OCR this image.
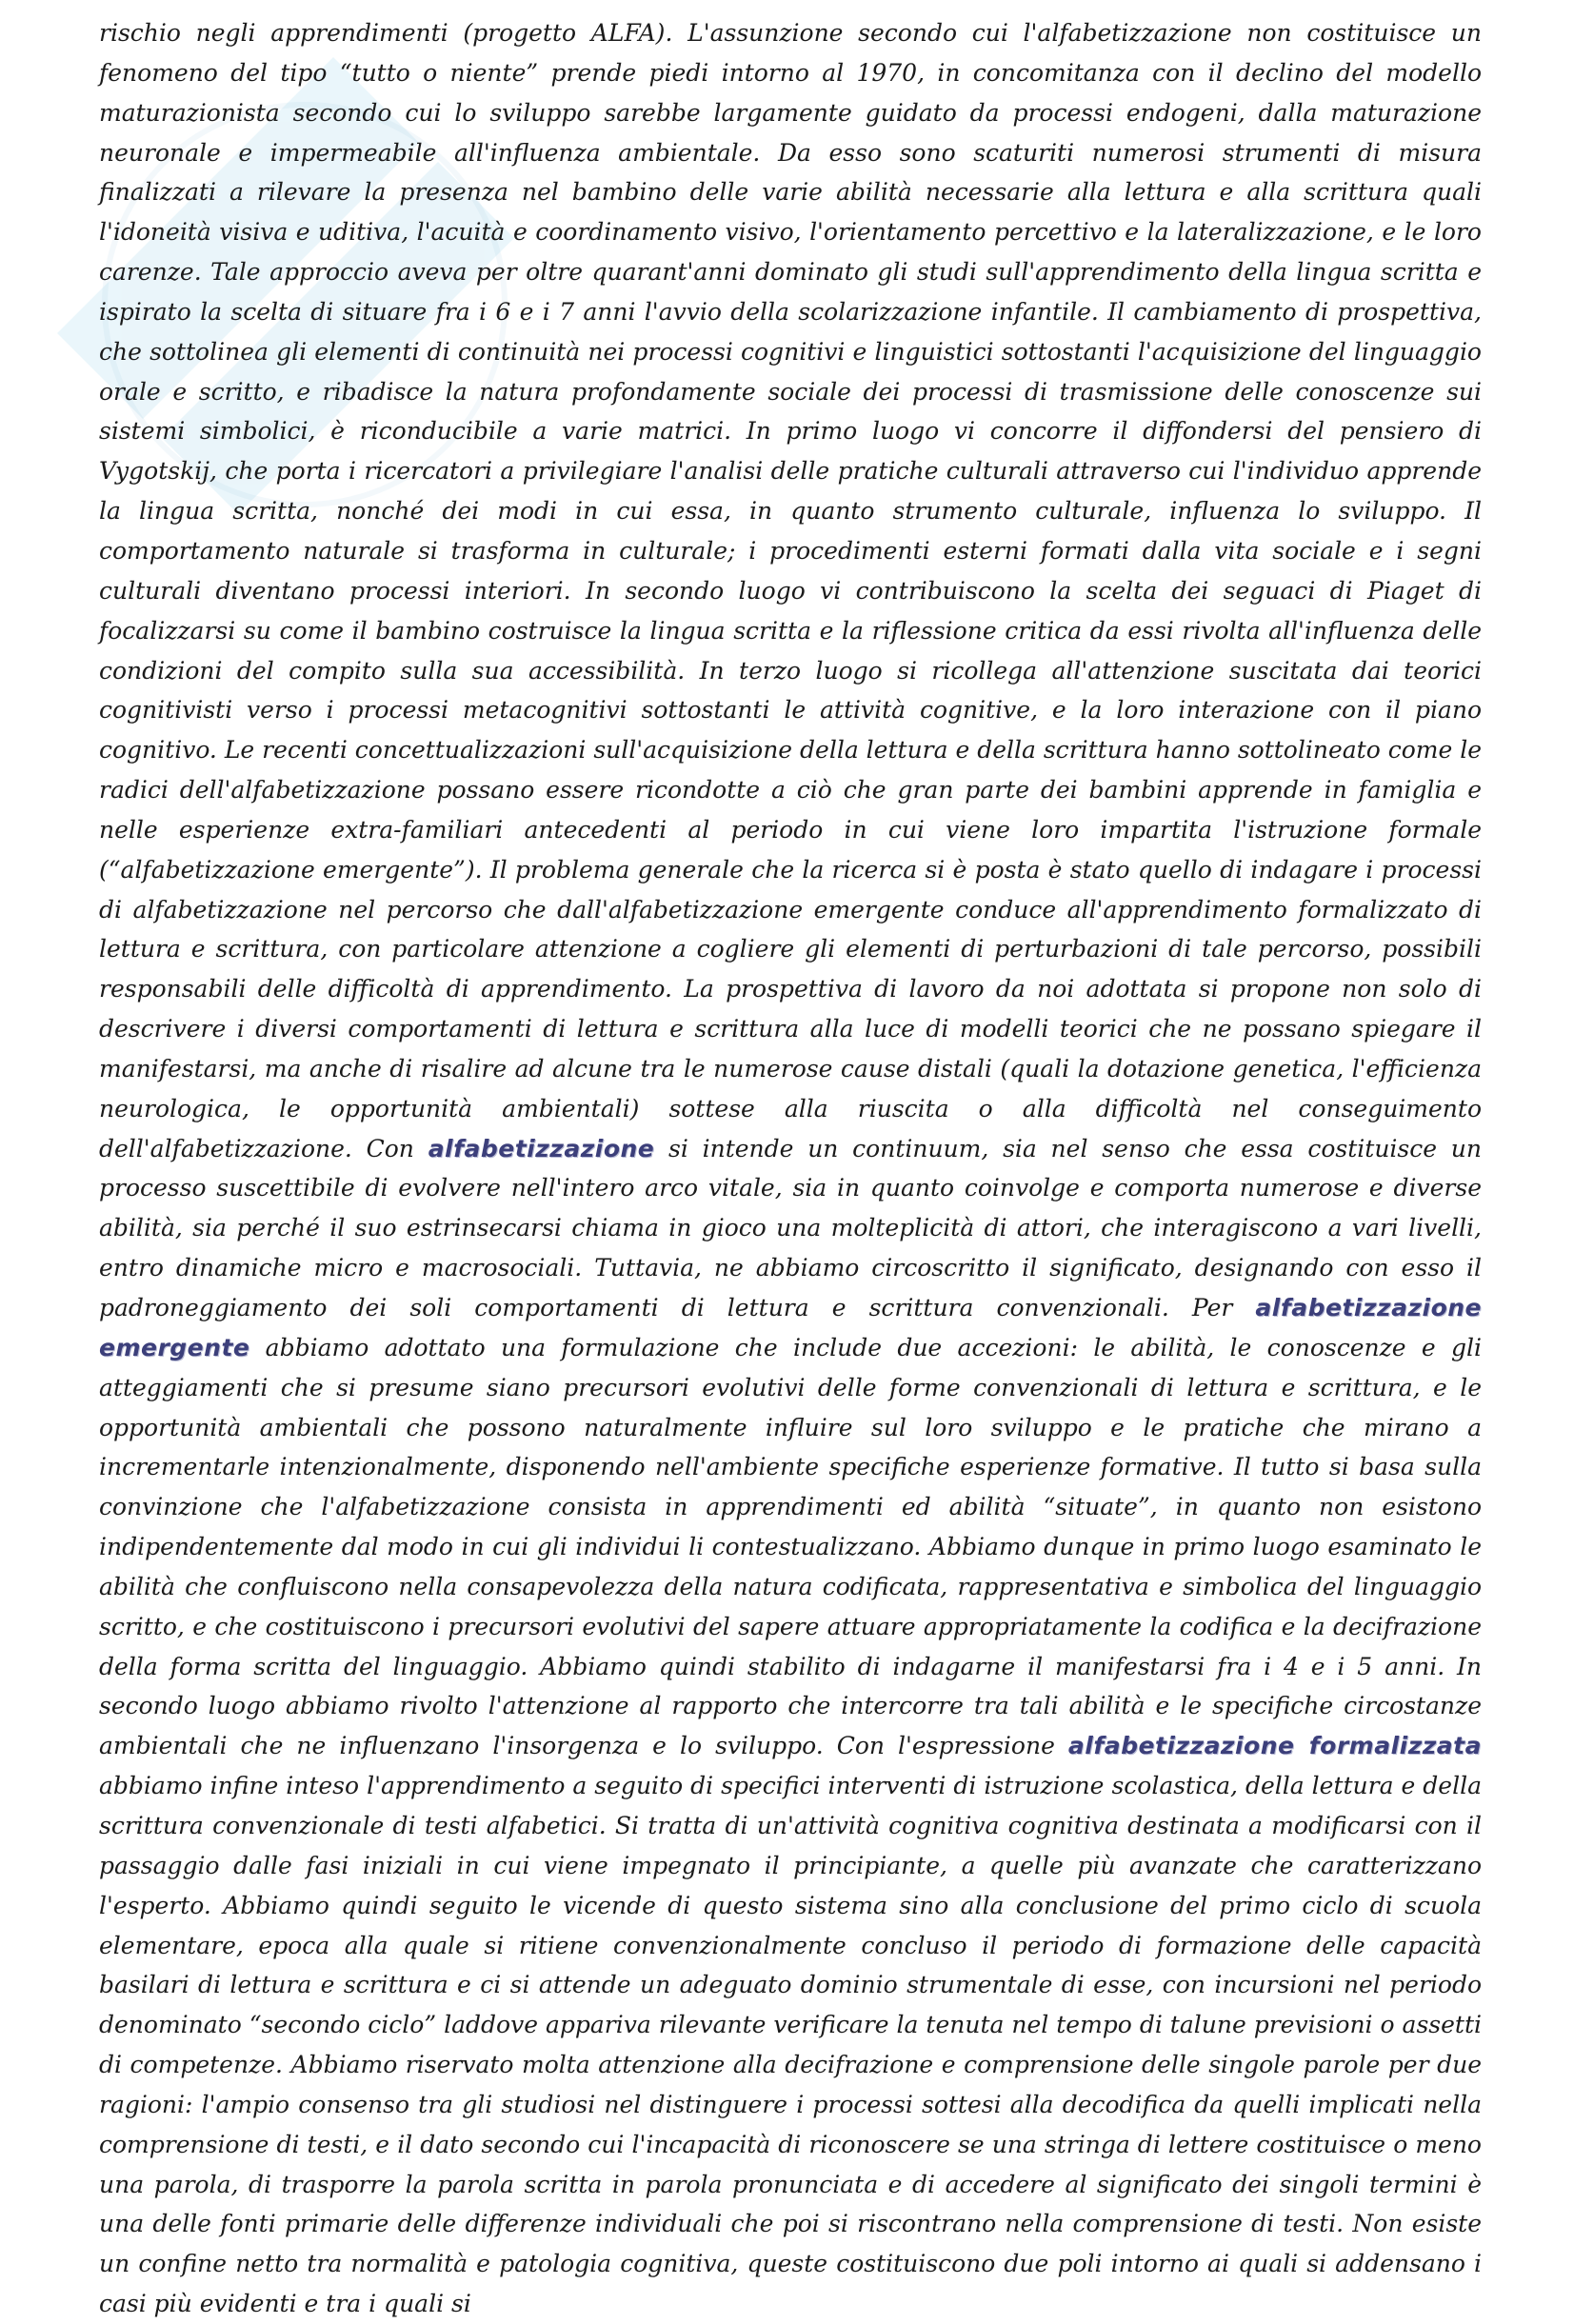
rischio negli apprendimenti (progetto ALFA). L'assunzione secondo cui l'alfabetizzazione non costituisce un fenomeno del tipo “tutto o niente” prende piedi intorno al 1970, in concomitanza con il declino del modello maturazionista secondo cui lo sviluppo sarebbe largamente guidato da processi endogeni, dalla maturazione neuronale e impermeabile all'influenza ambientale. Da esso sono scaturiti numerosi strumenti di misura finalizzati a rilevare la presenza nel bambino delle varie abilità necessarie alla lettura e alla scrittura quali l'idoneità visiva e uditiva, l'acuità e coordinamento visivo, l'orientamento percettivo e la lateralizzazione, e le loro carenze. Tale approccio aveva per oltre quarant'anni dominato gli studi sull'apprendimento della lingua scritta e ispirato la scelta di situare fra i 6 e i 7 anni l'avvio della scolarizzazione infantile. Il cambiamento di prospettiva, che sottolinea gli elementi di continuità nei processi cognitivi e linguistici sottostanti l'acquisizione del linguaggio orale e scritto, e ribadisce la natura profondamente sociale dei processi di trasmissione delle conoscenze sui sistemi simbolici, è riconducibile a varie matrici. In primo luogo vi concorre il diffondersi del pensiero di Vygotskij, che porta i ricercatori a privilegiare l'analisi delle pratiche culturali attraverso cui l'individuo apprende la lingua scritta, nonché dei modi in cui essa, in quanto strumento culturale, influenza lo sviluppo. Il comportamento naturale si trasforma in culturale; i procedimenti esterni formati dalla vita sociale e i segni culturali diventano processi interiori. In secondo luogo vi contribuiscono la scelta dei seguaci di Piaget di focalizzarsi su come il bambino costruisce la lingua scritta e la riflessione critica da essi rivolta all'influenza delle condizioni del compito sulla sua accessibilità. In terzo luogo si ricollega all'attenzione suscitata dai teorici cognitivisti verso i processi metacognitivi sottostanti le attività cognitive, e la loro interazione con il piano cognitivo. Le recenti concettualizzazioni sull'acquisizione della lettura e della scrittura hanno sottolineato come le radici dell'alfabetizzazione possano essere ricondotte a ciò che gran parte dei bambini apprende in famiglia e nelle esperienze extra-familiari antecedenti al periodo in cui viene loro impartita l'istruzione formale (“alfabetizzazione emergente”). Il problema generale che la ricerca si è posta è stato quello di indagare i processi di alfabetizzazione nel percorso che dall'alfabetizzazione emergente conduce all'apprendimento formalizzato di lettura e scrittura, con particolare attenzione a cogliere gli elementi di perturbazioni di tale percorso, possibili responsabili delle difficoltà di apprendimento. La prospettiva di lavoro da noi adottata si propone non solo di descrivere i diversi comportamenti di lettura e scrittura alla luce di modelli teorici che ne possano spiegare il manifestarsi, ma anche di risalire ad alcune tra le numerose cause distali (quali la dotazione genetica, l'efficienza neurologica, le opportunità ambientali) sottese alla riuscita o alla difficoltà nel conseguimento dell'alfabetizzazione. Con alfabetizzazione si intende un continuum, sia nel senso che essa costituisce un processo suscettibile di evolvere nell'intero arco vitale, sia in quanto coinvolge e comporta numerose e diverse abilità, sia perché il suo estrinsecarsi chiama in gioco una molteplicità di attori, che interagiscono a vari livelli, entro dinamiche micro e macrosociali. Tuttavia, ne abbiamo circoscritto il significato, designando con esso il padroneggiamento dei soli comportamenti di lettura e scrittura convenzionali. Per alfabetizzazione emergente abbiamo adottato una formulazione che include due accezioni: le abilità, le conoscenze e gli atteggiamenti che si presume siano precursori evolutivi delle forme convenzionali di lettura e scrittura, e le opportunità ambientali che possono naturalmente influire sul loro sviluppo e le pratiche che mirano a incrementarle intenzionalmente, disponendo nell'ambiente specifiche esperienze formative. Il tutto si basa sulla convinzione che l'alfabetizzazione consista in apprendimenti ed abilità “situate”, in quanto non esistono indipendentemente dal modo in cui gli individui li contestualizzano. Abbiamo dunque in primo luogo esaminato le abilità che confluiscono nella consapevolezza della natura codificata, rappresentativa e simbolica del linguaggio scritto, e che costituiscono i precursori evolutivi del sapere attuare appropriatamente la codifica e la decifrazione della forma scritta del linguaggio. Abbiamo quindi stabilito di indagarne il manifestarsi fra i 4 e i 5 anni. In secondo luogo abbiamo rivolto l'attenzione al rapporto che intercorre tra tali abilità e le specifiche circostanze ambientali che ne influenzano l'insorgenza e lo sviluppo. Con l'espressione alfabetizzazione formalizzata abbiamo infine inteso l'apprendimento a seguito di specifici interventi di istruzione scolastica, della lettura e della scrittura convenzionale di testi alfabetici. Si tratta di un'attività cognitiva cognitiva destinata a modificarsi con il passaggio dalle fasi iniziali in cui viene impegnato il principiante, a quelle più avanzate che caratterizzano l'esperto. Abbiamo quindi seguito le vicende di questo sistema sino alla conclusione del primo ciclo di scuola elementare, epoca alla quale si ritiene convenzionalmente concluso il periodo di formazione delle capacità basilari di lettura e scrittura e ci si attende un adeguato dominio strumentale di esse, con incursioni nel periodo denominato “secondo ciclo” laddove appariva rilevante verificare la tenuta nel tempo di talune previsioni o assetti di competenze. Abbiamo riservato molta attenzione alla decifrazione e comprensione delle singole parole per due ragioni: l'ampio consenso tra gli studiosi nel distinguere i processi sottesi alla decodifica da quelli implicati nella comprensione di testi, e il dato secondo cui l'incapacità di riconoscere se una stringa di lettere costituisce o meno una parola, di trasporre la parola scritta in parola pronunciata e di accedere al significato dei singoli termini è una delle fonti primarie delle differenze individuali che poi si riscontrano nella comprensione di testi. Non esiste un confine netto tra normalità e patologia cognitiva, queste costituiscono due poli intorno ai quali si addensano i casi più evidenti e tra i quali si
